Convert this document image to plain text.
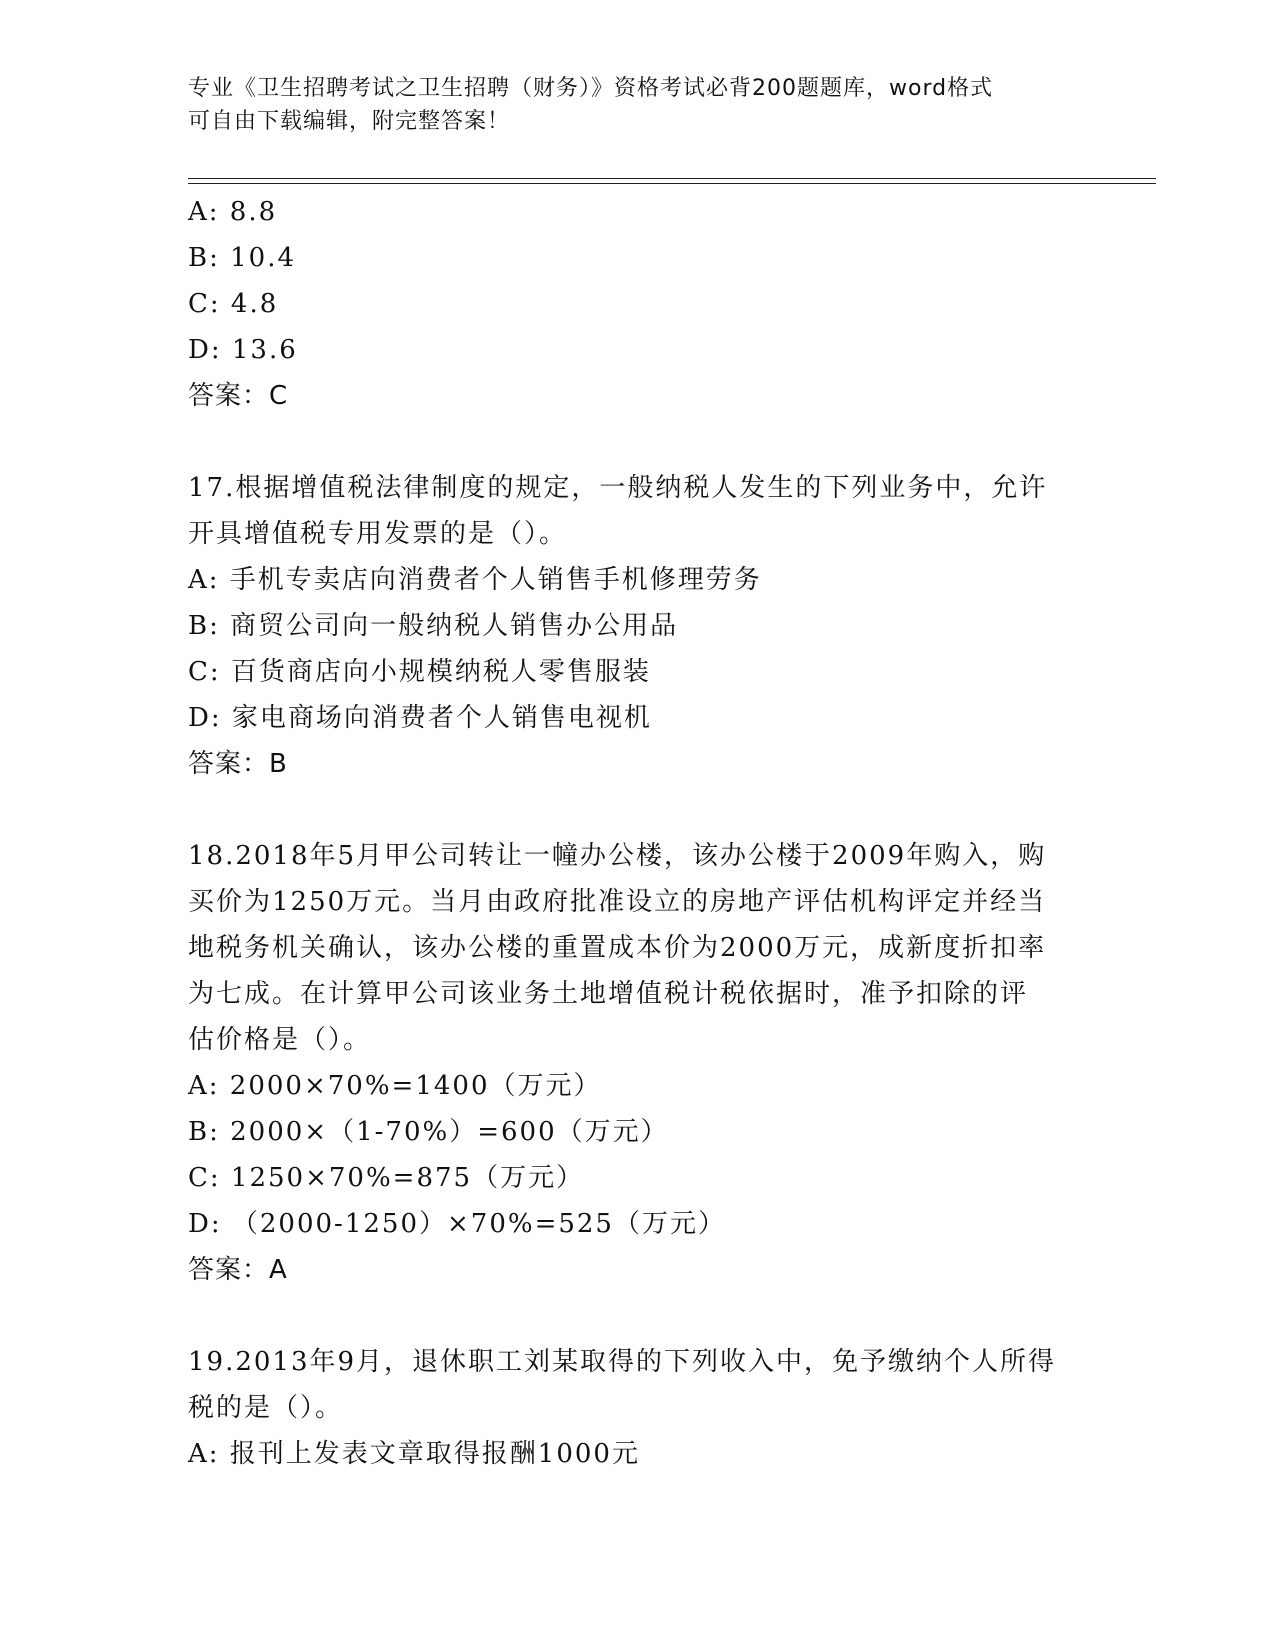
专业《卫生招聘考试之卫生招聘（财务）》资格考试必背200题题库，word格式
可自由下载编辑，附完整答案！
A: 8.8
B: 10.4
C: 4.8
D: 13.6
答案：C
17.根据增值税法律制度的规定，一般纳税人发生的下列业务中，允许
开具增值税专用发票的是（）。
A: 手机专卖店向消费者个人销售手机修理劳务
B: 商贸公司向一般纳税人销售办公用品
C: 百货商店向小规模纳税人零售服装
D: 家电商场向消费者个人销售电视机
答案：B
18.2018年5月甲公司转让一幢办公楼，该办公楼于2009年购入，购
买价为1250万元。当月由政府批准设立的房地产评估机构评定并经当
地税务机关确认，该办公楼的重置成本价为2000万元，成新度折扣率
为七成。在计算甲公司该业务土地增值税计税依据时，准予扣除的评
估价格是（）。
A: 2000×70%=1400（万元）
B: 2000×（1-70%）=600（万元）
C: 1250×70%=875（万元）
D: （2000-1250）×70%=525（万元）
答案：A
19.2013年9月，退休职工刘某取得的下列收入中，免予缴纳个人所得
税的是（）。
A: 报刊上发表文章取得报酬1000元
